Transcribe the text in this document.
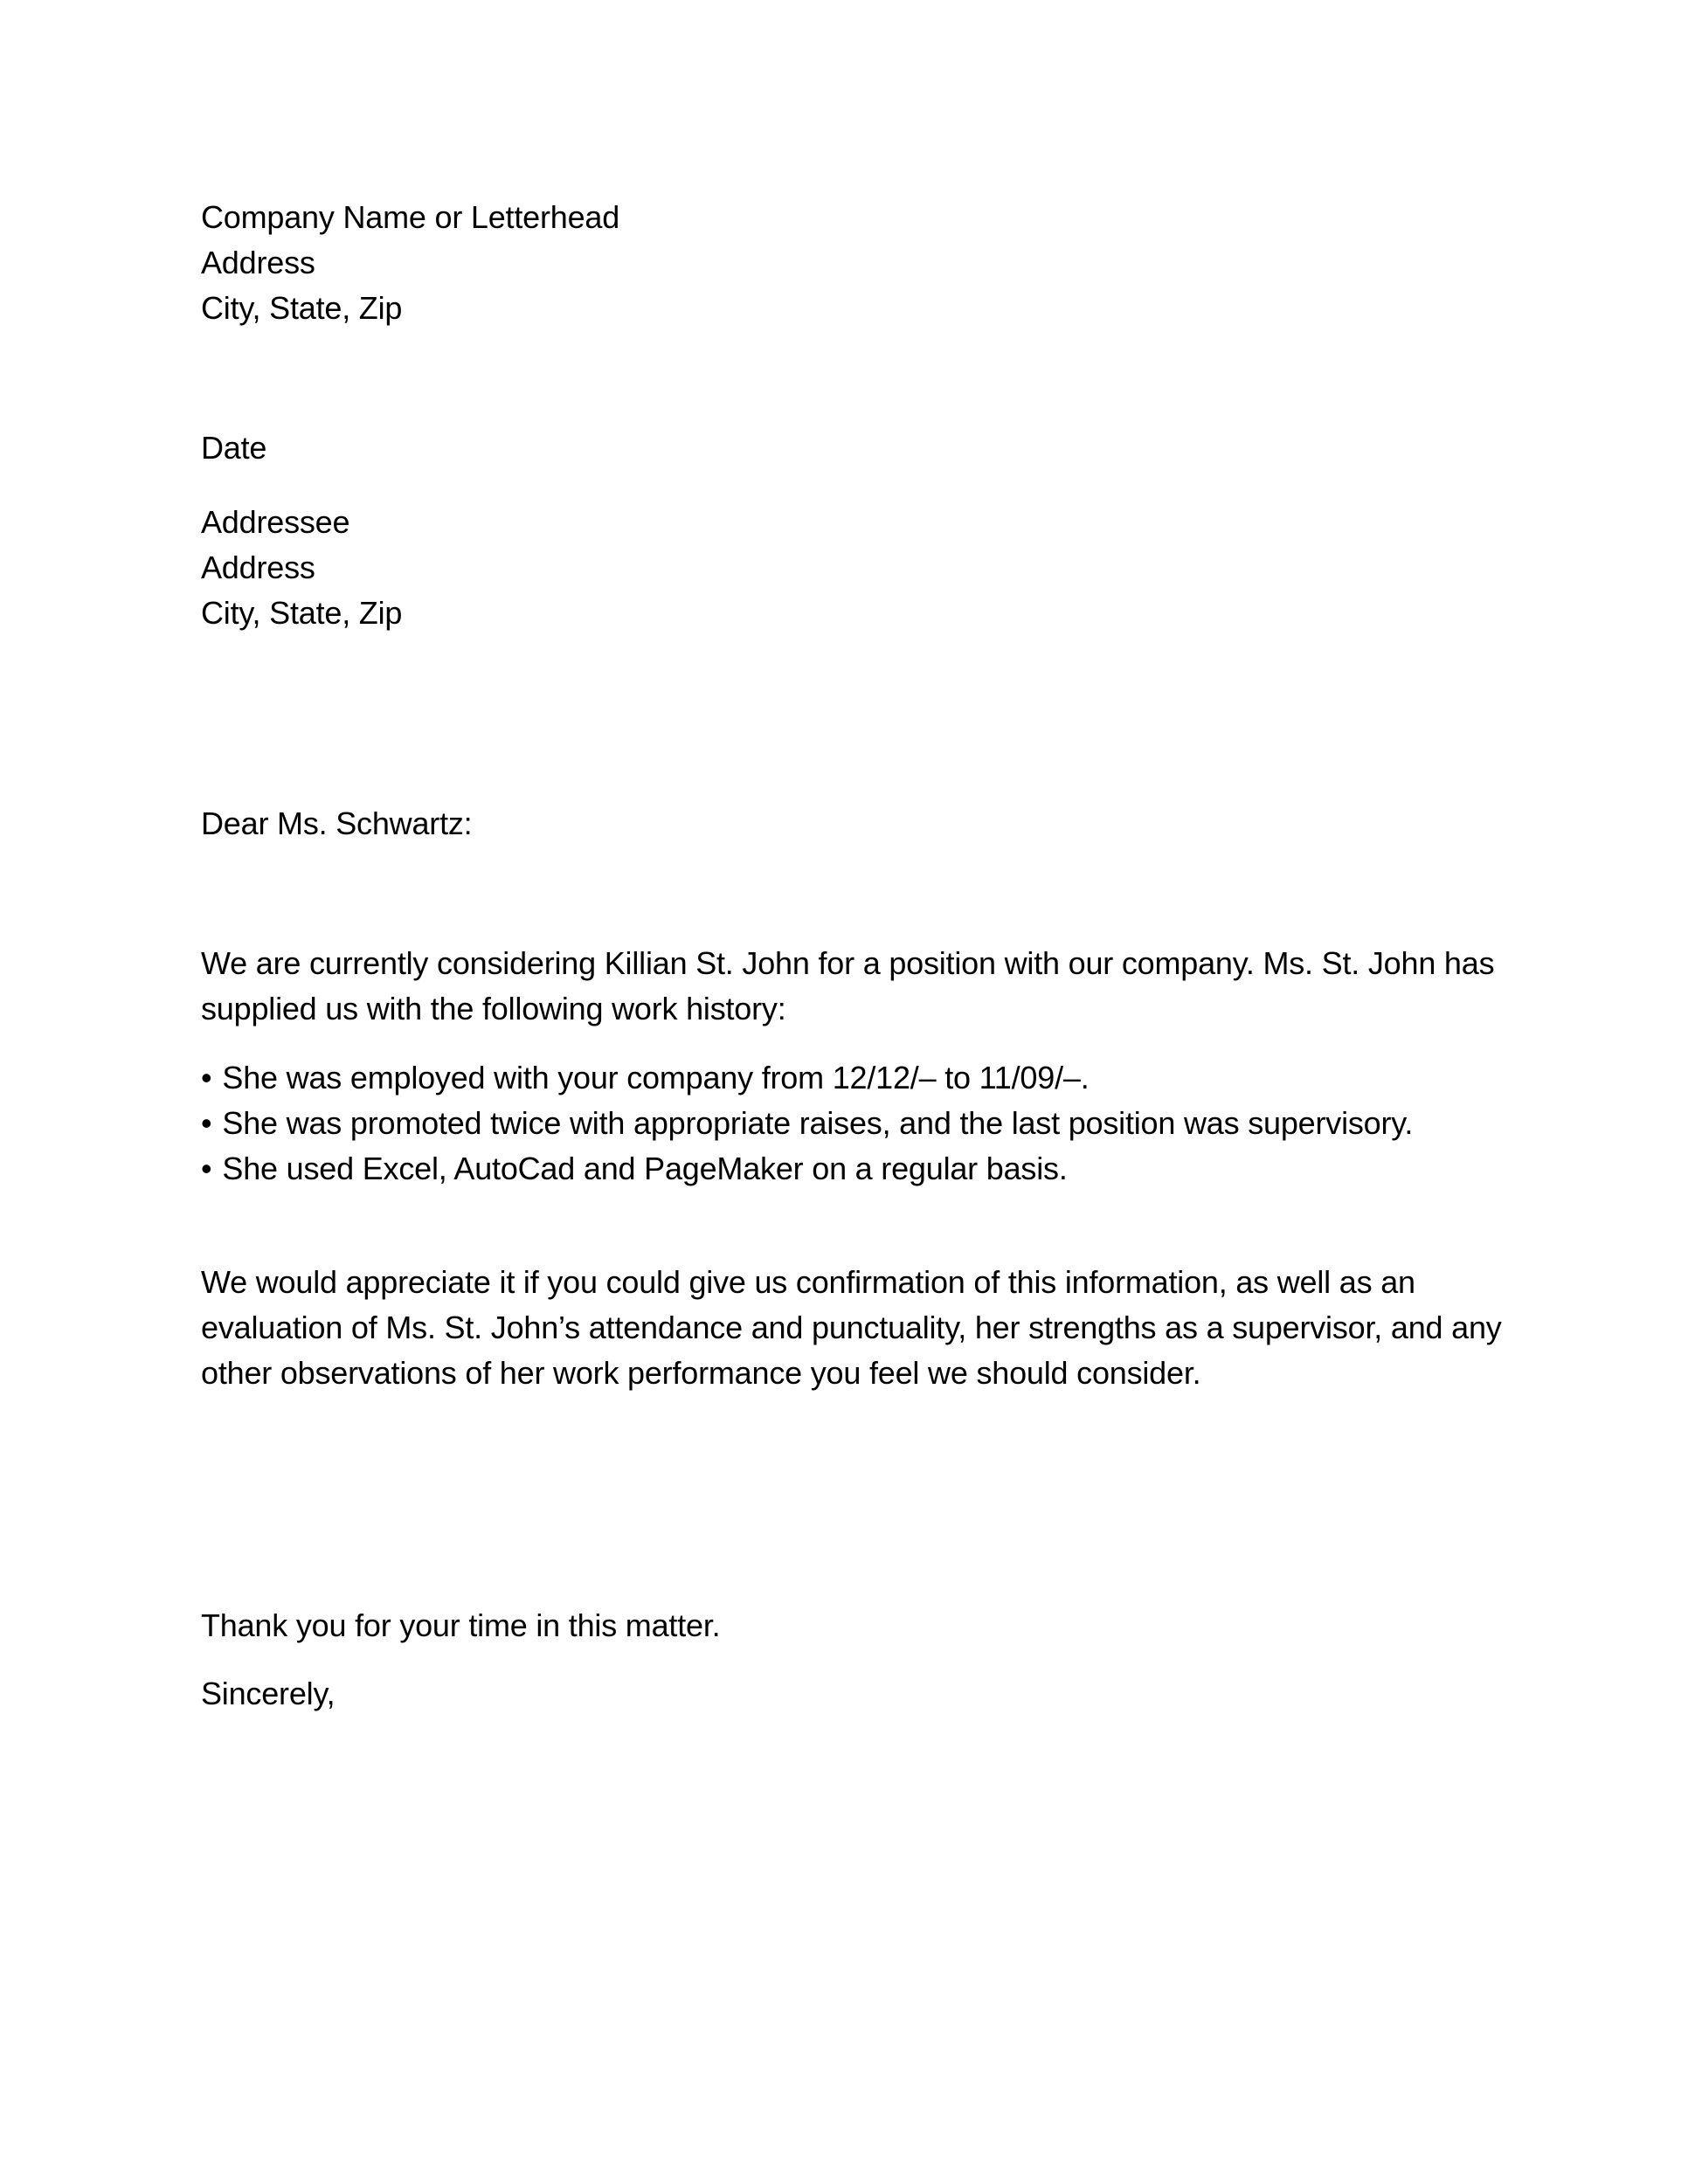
Company Name or Letterhead
Address
City, State, Zip
Date
Addressee
Address
City, State, Zip
Dear Ms. Schwartz:

We are currently considering Killian St. John for a position with our company. Ms. St. John has supplied us with the following work history:

• She was employed with your company from 12/12/– to 11/09/–.

• She was promoted twice with appropriate raises, and the last position was supervisory.

• She used Excel, AutoCad and PageMaker on a regular basis.

We would appreciate it if you could give us confirmation of this information, as well as an evaluation of Ms. St. John’s attendance and punctuality, her strengths as a supervisor, and any other observations of her work performance you feel we should consider.

Thank you for your time in this matter.
Sincerely,
